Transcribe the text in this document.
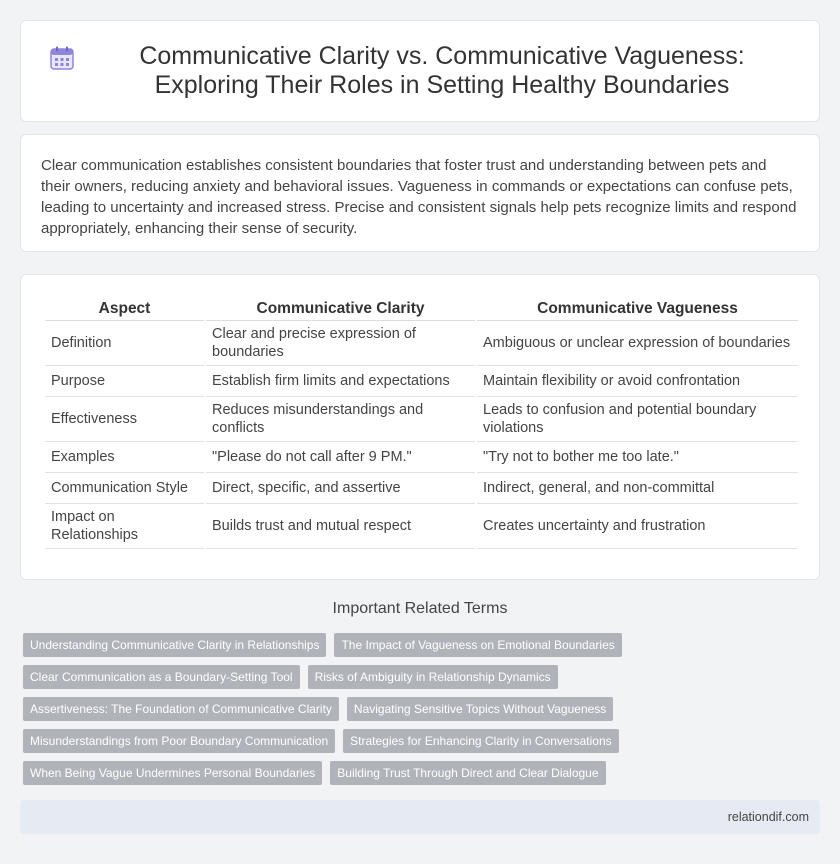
Communicative Clarity vs. Communicative Vagueness: Exploring Their Roles in Setting Healthy Boundaries

Clear communication establishes consistent boundaries that foster trust and understanding between pets and their owners, reducing anxiety and behavioral issues. Vagueness in commands or expectations can confuse pets, leading to uncertainty and increased stress. Precise and consistent signals help pets recognize limits and respond appropriately, enhancing their sense of security.

Aspect	Communicative Clarity	Communicative Vagueness
Definition	Clear and precise expression of boundaries	Ambiguous or unclear expression of boundaries
Purpose	Establish firm limits and expectations	Maintain flexibility or avoid confrontation
Effectiveness	Reduces misunderstandings and conflicts	Leads to confusion and potential boundary violations
Examples	"Please do not call after 9 PM."	"Try not to bother me too late."
Communication Style	Direct, specific, and assertive	Indirect, general, and non-committal
Impact on Relationships	Builds trust and mutual respect	Creates uncertainty and frustration
Important Related Terms
Understanding Communicative Clarity in Relationships	The Impact of Vagueness on Emotional Boundaries
Clear Communication as a Boundary-Setting Tool	Risks of Ambiguity in Relationship Dynamics
Assertiveness: The Foundation of Communicative Clarity	Navigating Sensitive Topics Without Vagueness
Misunderstandings from Poor Boundary Communication	Strategies for Enhancing Clarity in Conversations
When Being Vague Undermines Personal Boundaries	Building Trust Through Direct and Clear Dialogue
relationdif.com
